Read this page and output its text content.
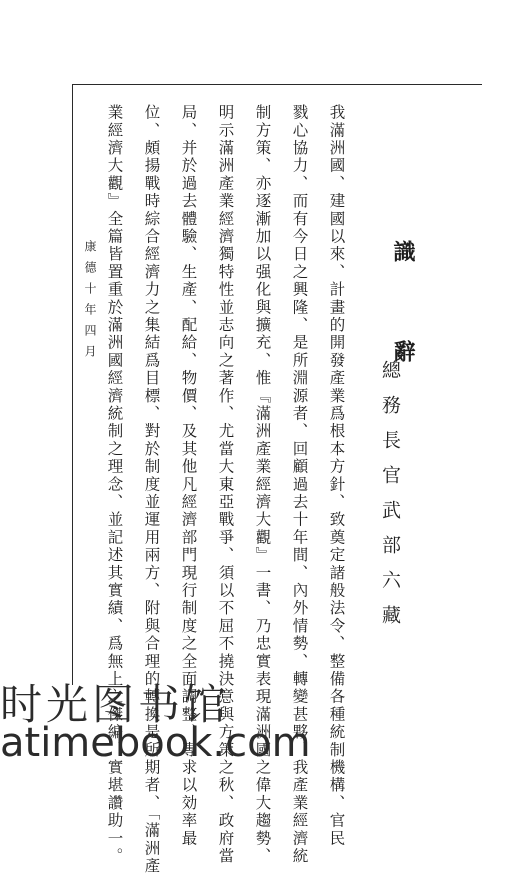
識 辭
總務長官武部六藏
我滿洲國、建國以來、計畫的開發產業爲根本方針、致奠定諸般法令、整備各種統制機構、官民
戮心協力、而有今日之興隆、是所淵源者、回顧過去十年間、內外情勢、轉變甚夥、我產業經濟統
制方策、亦逐漸加以强化與擴充、惟『滿洲產業經濟大觀』一書、乃忠實表現滿洲國之偉大趨勢、
明示滿洲產業經濟獨特性並志向之著作、尤當大東亞戰爭、須以不屈不撓決意與方策之秋、政府當
局、并於過去體驗、生產、配給、物價、及其他凡經濟部門現行制度之全面調整、專求以効率最
位、頗揚戰時綜合經濟力之集結爲目標、對於制度並運用兩方、附與合理的轉換是所期者、「滿洲產
業經濟大觀』全篇皆置重於滿洲國經濟統制之理念、並記述其實績、爲無上之傑編、實堪讚助一。
康德十年四月
时光图书馆
atimebook.com
